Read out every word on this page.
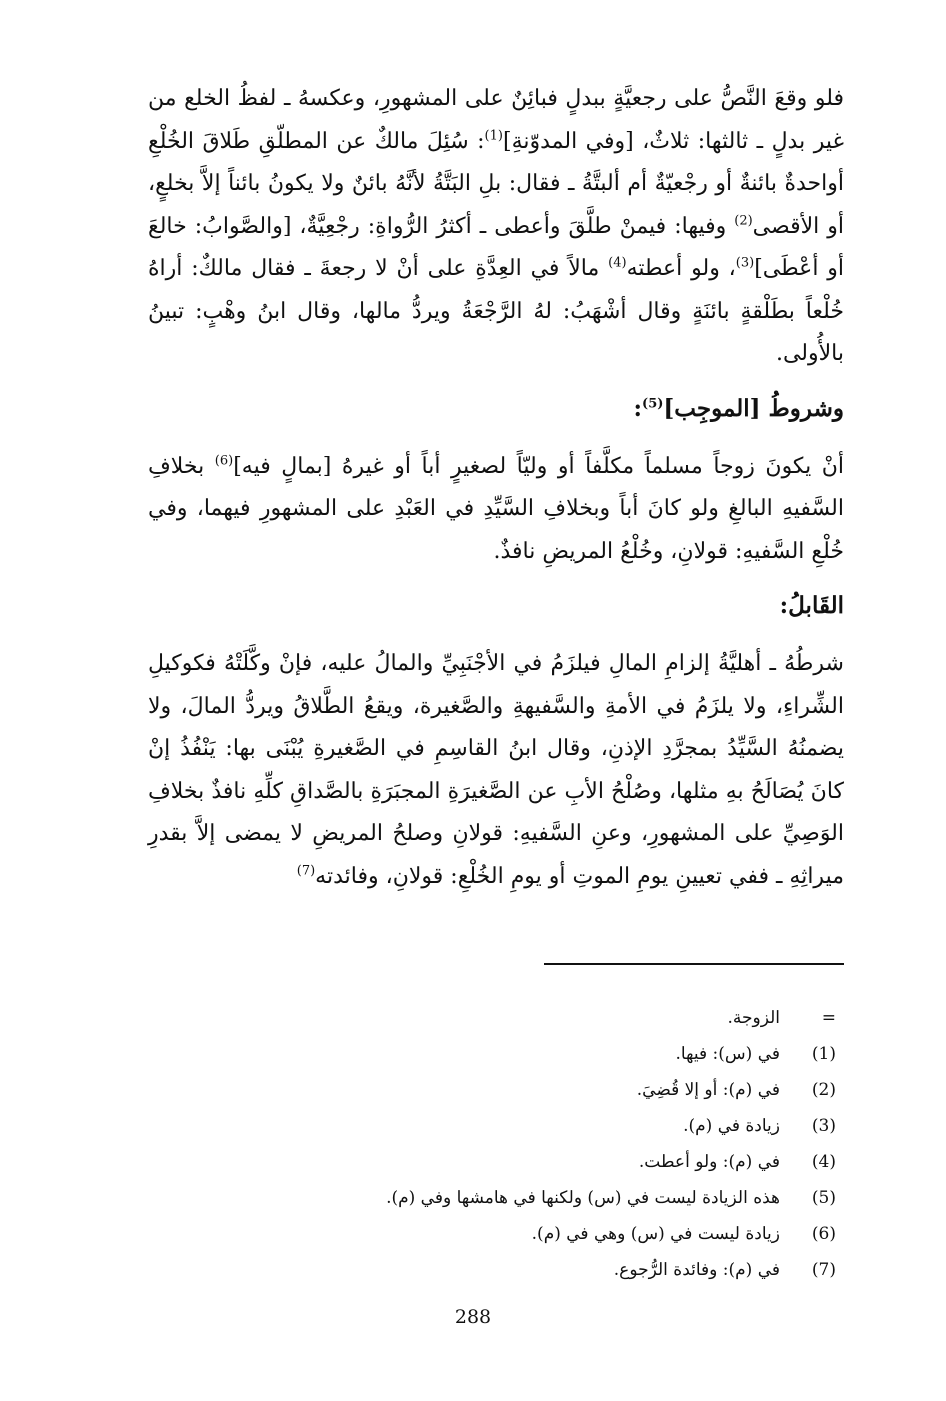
فلو وقعَ النَّصُّ على رجعيَّةٍ ببدلٍ فبائِنٌ على المشهورِ، وعكسهُ ـ لفظُ الخلع من غير بدلٍ ـ ثالثها: ثلاثٌ، [وفي المدوّنةِ]$^{(1)}$: سُئِلَ مالكٌ عن المطلّقِ طَلاقَ الخُلْعِ أواحدةٌ بائنةٌ أو رجْعيّةٌ أم ألبتَّةُ ـ فقال: بلِ البَتَّةُ لأنَّهُ بائنٌ ولا يكونُ بائناً إلاَّ بخلعٍ، أو الأقصى$^{(2)}$ وفيها: فيمنْ طلَّقَ وأعطى ـ أكثرُ الرُّواةِ: رجْعِيَّةٌ، [والصَّوابُ: خالعَ أو أعْطَى]$^{(3)}$، ولو أعطته$^{(4)}$ مالاً في العِدَّةِ على أنْ لا رجعةَ ـ فقال مالكٌ: أراهُ خُلْعاً بطَلْقةٍ بائنَةٍ وقال أشْهَبُ: لهُ الرَّجْعَةُ ويردُّ مالها، وقال ابنُ وهْبٍ: تبينُ بالأُولى.

وشروطُ [الموجِب]$^{(5)}$:

أنْ يكونَ زوجاً مسلماً مكلَّفاً أو وليّاً لصغيرٍ أباً أو غيرهُ [بمالٍ فيه]$^{(6)}$ بخلافِ السَّفيهِ البالغِ ولو كانَ أباً وبخلافِ السَّيِّدِ في العَبْدِ على المشهورِ فيهما، وفي خُلْعِ السَّفيهِ: قولانِ، وخُلْعُ المريضِ نافذٌ.

القَابلُ:

شرطُهُ ـ أهليَّةُ إلزامِ المالِ فيلزَمُ في الأجْنَبِيِّ والمالُ عليه، فإنْ وكَّلَتْهُ فكوكيلِ الشِّراءِ، ولا يلزَمُ في الأمةِ والسَّفيهةِ والصَّغيرة، ويقعُ الطَّلاقُ ويردُّ المالَ، ولا يضمنُهُ السَّيِّدُ بمجرَّدِ الإذنِ، وقال ابنُ القاسِمِ في الصَّغيرةِ يُبْنَى بها: يَنْفُذُ إنْ كانَ يُصَالَحُ بهِ مثلها، وصُلْحُ الأبِ عن الصَّغيرَةِ المجبَرَةِ بالصَّداقِ كلِّهِ نافذٌ بخلافِ الوَصِيِّ على المشهورِ، وعنِ السَّفيهِ: قولانِ وصلحُ المريضِ لا يمضى إلاَّ بقدرِ ميراثِهِ ـ ففي تعيينِ يومِ الموتِ أو يومِ الخُلْعِ: قولانِ، وفائدته$^{(7)}$

=
الزوجة.
(1)
في (س): فيها.
(2)
في (م): أو إلا قُضِيَ.
(3)
زيادة في (م).
(4)
في (م): ولو أعطت.
(5)
هذه الزيادة ليست في (س) ولكنها في هامشها وفي (م).
(6)
زيادة ليست في (س) وهي في (م).
(7)
في (م): وفائدة الرُّجوع.
288
